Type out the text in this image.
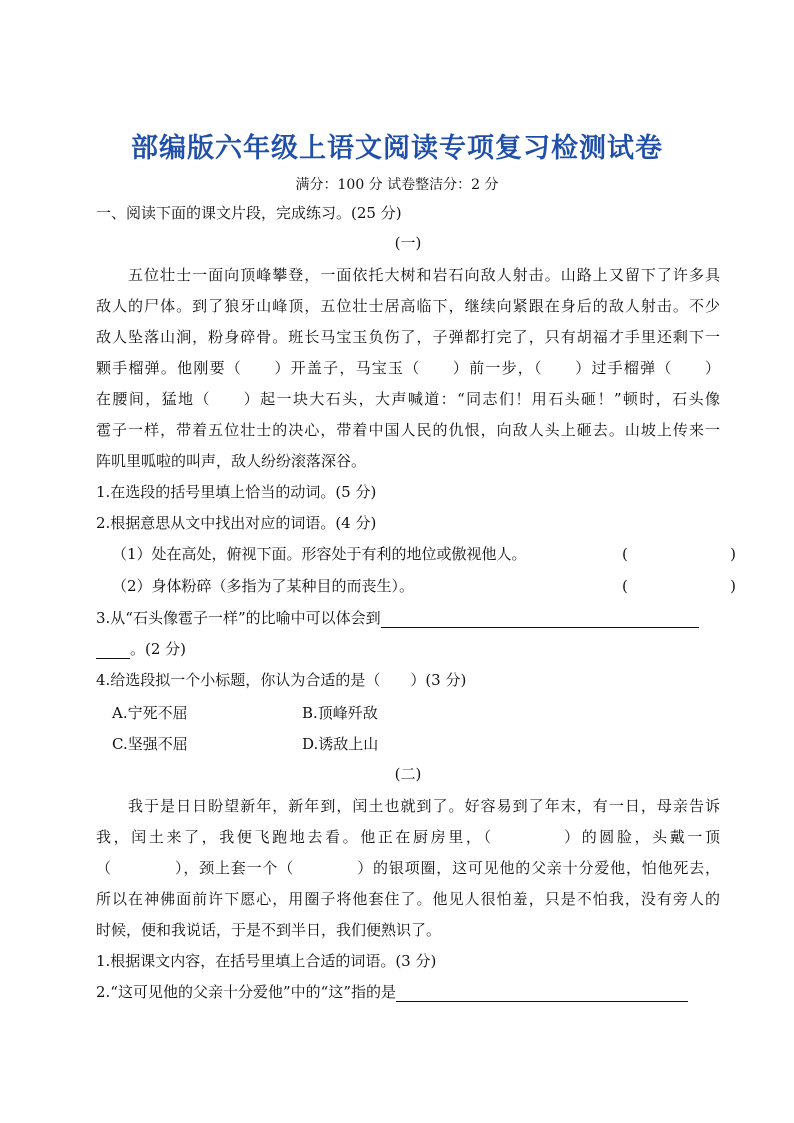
部编版六年级上语文阅读专项复习检测试卷
满分：100 分 试卷整洁分：2 分
一、阅读下面的课文片段，完成练习。(25 分)
(一)
五位壮士一面向顶峰攀登，一面依托大树和岩石向敌人射击。山路上又留下了许多具
敌人的尸体。到了狼牙山峰顶，五位壮士居高临下，继续向紧跟在身后的敌人射击。不少
敌人坠落山涧，粉身碎骨。班长马宝玉负伤了，子弹都打完了，只有胡福才手里还剩下一
颗手榴弹。他刚要（　　）开盖子，马宝玉（　　）前一步，（　　）过手榴弹（　　）
在腰间，猛地（　　）起一块大石头，大声喊道：“同志们！用石头砸！”顿时，石头像
雹子一样，带着五位壮士的决心，带着中国人民的仇恨，向敌人头上砸去。山坡上传来一
阵叽里呱啦的叫声，敌人纷纷滚落深谷。
1.在选段的括号里填上恰当的动词。(5 分)
2.根据意思从文中找出对应的词语。(4 分)
（1）处在高处，俯视下面。形容处于有利的地位或傲视他人。	(　　　　　)
（2）身体粉碎（多指为了某种目的而丧生）。	(　　　　　)
3.从“石头像雹子一样”的比喻中可以体会到
。(2 分)
4.给选段拟一个小标题，你认为合适的是（　　）(3 分)
A.宁死不屈	B.顶峰歼敌
C.坚强不屈	D.诱敌上山
(二)
我于是日日盼望新年，新年到，闰土也就到了。好容易到了年末，有一日，母亲告诉
我，闰土来了，我便飞跑地去看。他正在厨房里，（　　　　）的圆脸，头戴一顶
（　　　　），颈上套一个（　　　　）的银项圈，这可见他的父亲十分爱他，怕他死去，
所以在神佛面前许下愿心，用圈子将他套住了。他见人很怕羞，只是不怕我，没有旁人的
时候，便和我说话，于是不到半日，我们便熟识了。
1.根据课文内容，在括号里填上合适的词语。(3 分)
2.“这可见他的父亲十分爱他”中的“这”指的是
